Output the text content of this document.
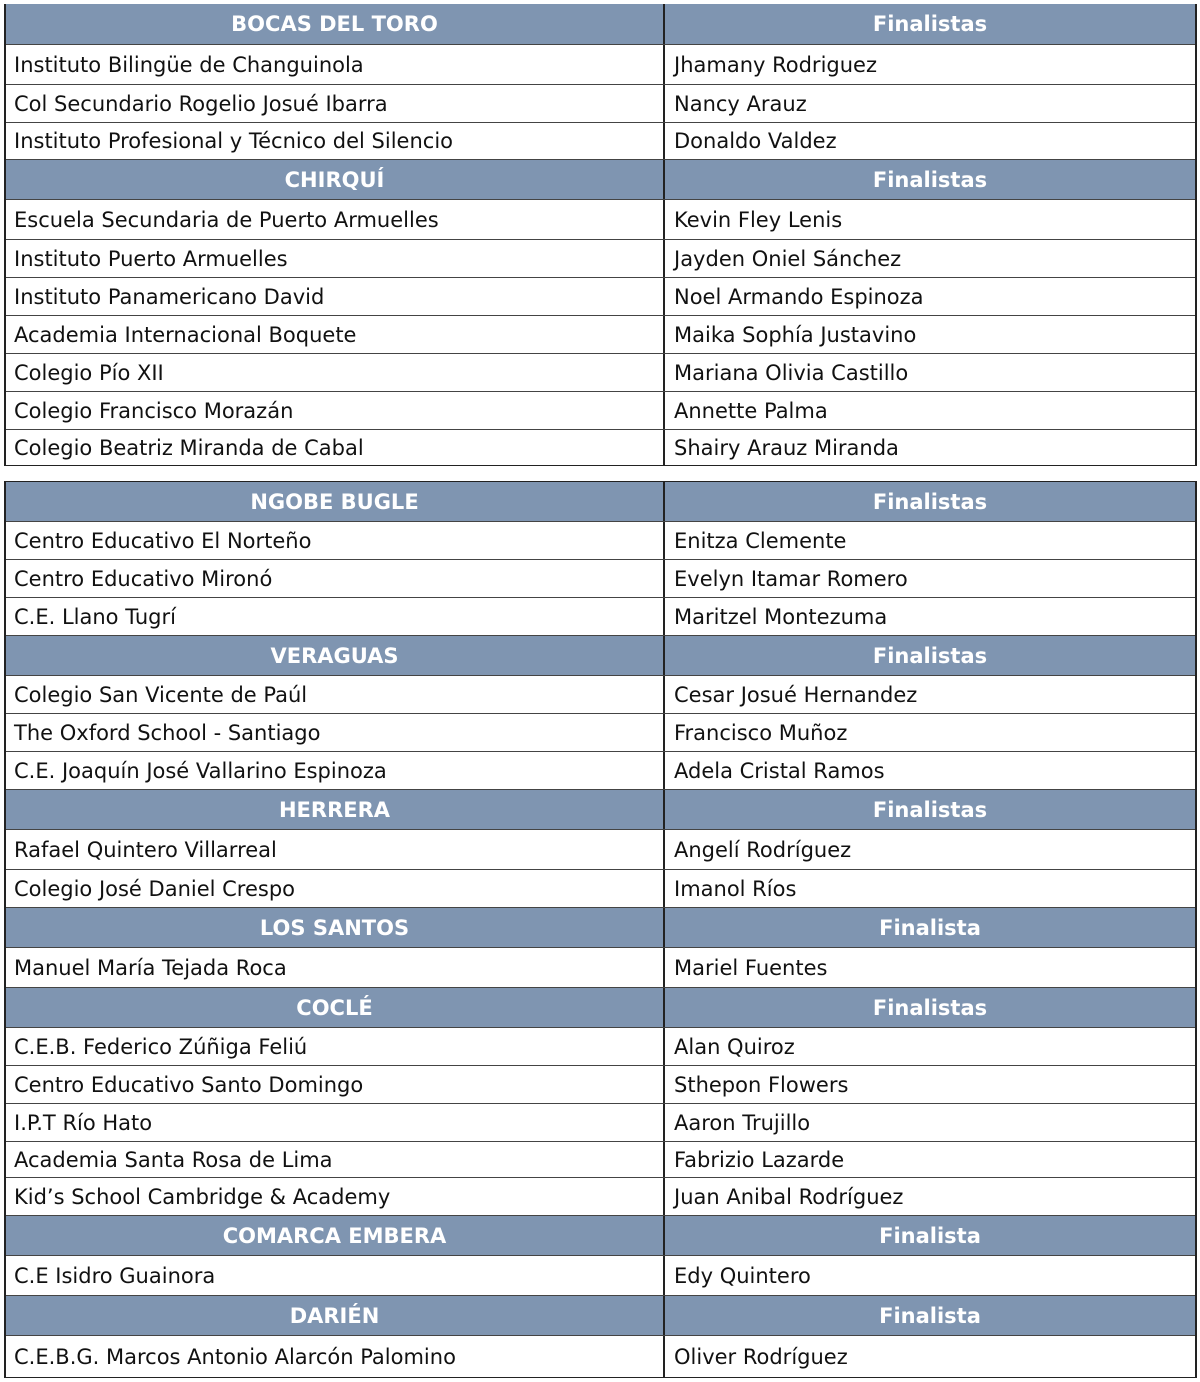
BOCAS DEL TORO	Finalistas
Instituto Bilingüe de Changuinola	Jhamany Rodriguez
Col Secundario Rogelio Josué Ibarra	Nancy Arauz
Instituto Profesional y Técnico del Silencio	Donaldo Valdez
CHIRQUÍ	Finalistas
Escuela Secundaria de Puerto Armuelles	Kevin Fley Lenis
Instituto Puerto Armuelles	Jayden Oniel Sánchez
Instituto Panamericano David	Noel Armando Espinoza
Academia Internacional Boquete	Maika Sophía Justavino
Colegio Pío XII	Mariana Olivia Castillo
Colegio Francisco Morazán	Annette Palma
Colegio Beatriz Miranda de Cabal	Shairy Arauz Miranda
NGOBE BUGLE	Finalistas
Centro Educativo El Norteño	Enitza Clemente
Centro Educativo Mironó	Evelyn Itamar Romero
C.E. Llano Tugrí	Maritzel Montezuma
VERAGUAS	Finalistas
Colegio San Vicente de Paúl	Cesar Josué Hernandez
The Oxford School - Santiago	Francisco Muñoz
C.E. Joaquín José Vallarino Espinoza	Adela Cristal Ramos
HERRERA	Finalistas
Rafael Quintero Villarreal	Angelí Rodríguez
Colegio José Daniel Crespo	Imanol Ríos
LOS SANTOS	Finalista
Manuel María Tejada Roca	Mariel Fuentes
COCLÉ	Finalistas
C.E.B. Federico Zúñiga Feliú	Alan Quiroz
Centro Educativo Santo Domingo	Sthepon Flowers
I.P.T Río Hato	Aaron Trujillo
Academia Santa Rosa de Lima	Fabrizio Lazarde
Kid’s School Cambridge & Academy	Juan Anibal Rodríguez
COMARCA EMBERA	Finalista
C.E Isidro Guainora	Edy Quintero
DARIÉN	Finalista
C.E.B.G. Marcos Antonio Alarcón Palomino	Oliver Rodríguez
